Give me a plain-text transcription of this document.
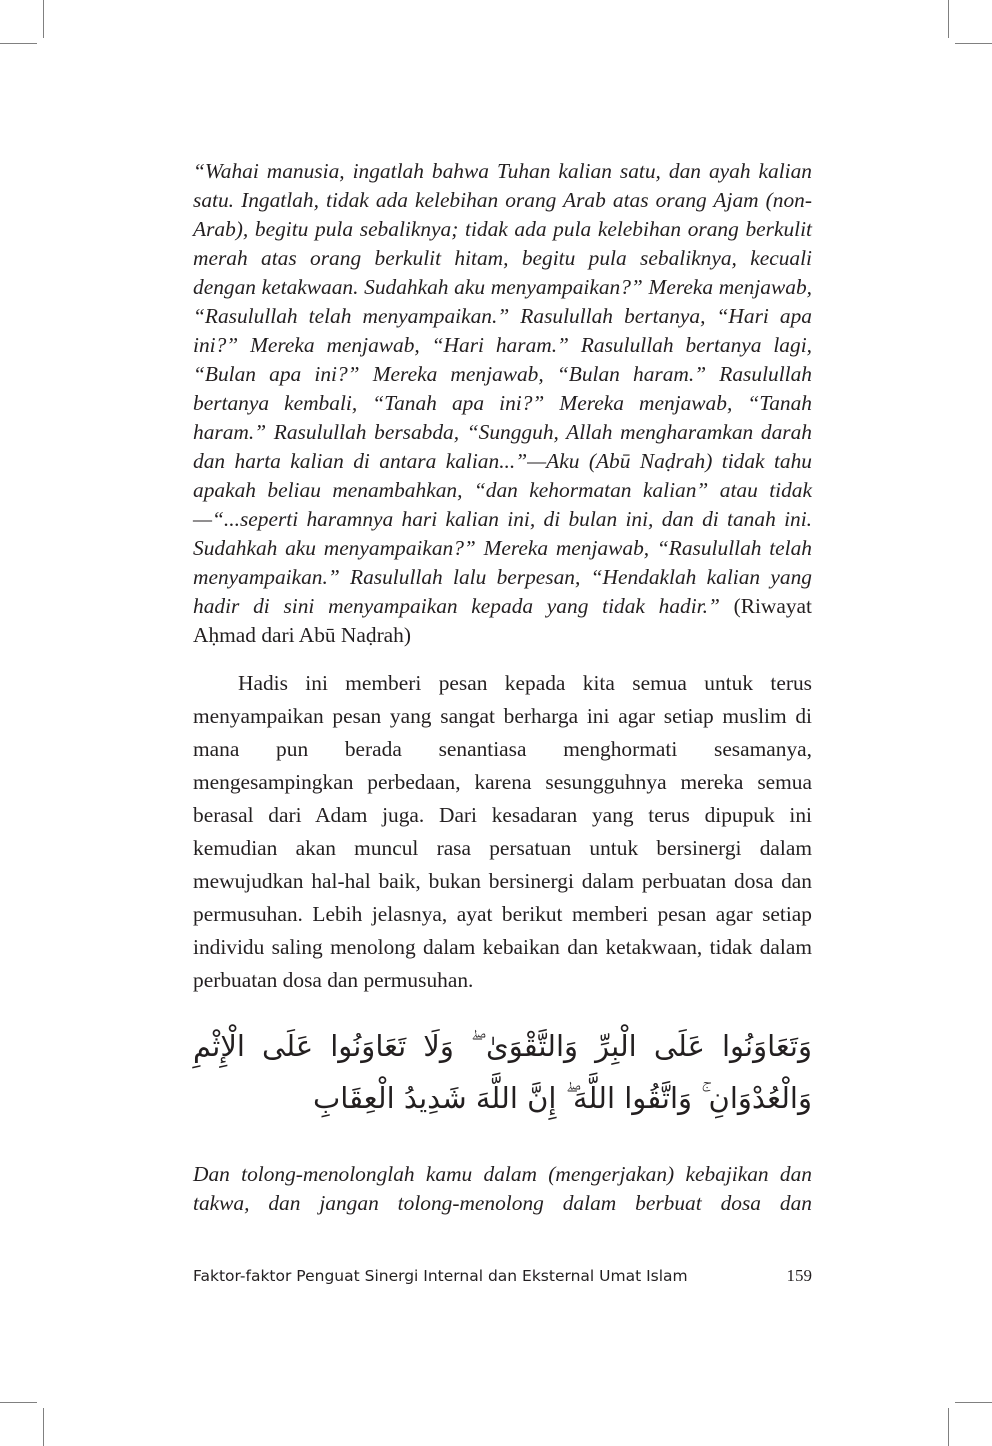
“Wahai manusia, ingatlah bahwa Tuhan kalian satu, dan ayah kalian satu. Ingatlah, tidak ada kelebihan orang Arab atas orang Ajam (non-Arab), begitu pula sebaliknya; tidak ada pula kelebihan orang berkulit merah atas orang berkulit hitam, begitu pula sebaliknya, kecuali dengan ketakwaan. Sudahkah aku menyampaikan?” Mereka menjawab, “Rasulullah telah menyampaikan.” Rasulullah bertanya, “Hari apa ini?” Mereka menjawab, “Hari haram.” Rasulullah bertanya lagi, “Bulan apa ini?” Mereka menjawab, “Bulan haram.” Rasulullah bertanya kembali, “Tanah apa ini?” Mereka menjawab, “Tanah haram.” Rasulullah bersabda, “Sungguh, Allah mengharamkan darah dan harta kalian di antara kalian...”—Aku (Abū Naḍrah) tidak tahu apakah beliau menambahkan, “dan kehormatan kalian” atau tidak—“...seperti haramnya hari kalian ini, di bulan ini, dan di tanah ini. Sudahkah aku menyampaikan?” Mereka menjawab, “Rasulullah telah menyampaikan.” Rasulullah lalu berpesan, “Hendaklah kalian yang hadir di sini menyampaikan kepada yang tidak hadir.” (Riwayat Aḥmad dari Abū Naḍrah)
Hadis ini memberi pesan kepada kita semua untuk terus menyampaikan pesan yang sangat berharga ini agar setiap muslim di mana pun berada senantiasa menghormati sesamanya, mengesampingkan perbedaan, karena sesungguhnya mereka semua berasal dari Adam juga. Dari kesadaran yang terus dipupuk ini kemudian akan muncul rasa persatuan untuk bersinergi dalam mewujudkan hal-hal baik, bukan bersinergi dalam perbuatan dosa dan permusuhan. Lebih jelasnya, ayat berikut memberi pesan agar setiap individu saling menolong dalam kebaikan dan ketakwaan, tidak dalam perbuatan dosa dan permusuhan.
وَتَعَاوَنُوا عَلَى الْبِرِّ وَالتَّقْوَىٰ ۖ وَلَا تَعَاوَنُوا عَلَى الْإِثْمِ وَالْعُدْوَانِ ۚ وَاتَّقُوا اللَّهَ ۖ إِنَّ اللَّهَ شَدِيدُ الْعِقَابِ
Dan tolong-menolonglah kamu dalam (mengerjakan) kebajikan dan takwa, dan jangan tolong-menolong dalam berbuat dosa dan
Faktor-faktor Penguat Sinergi Internal dan Eksternal Umat Islam	159
